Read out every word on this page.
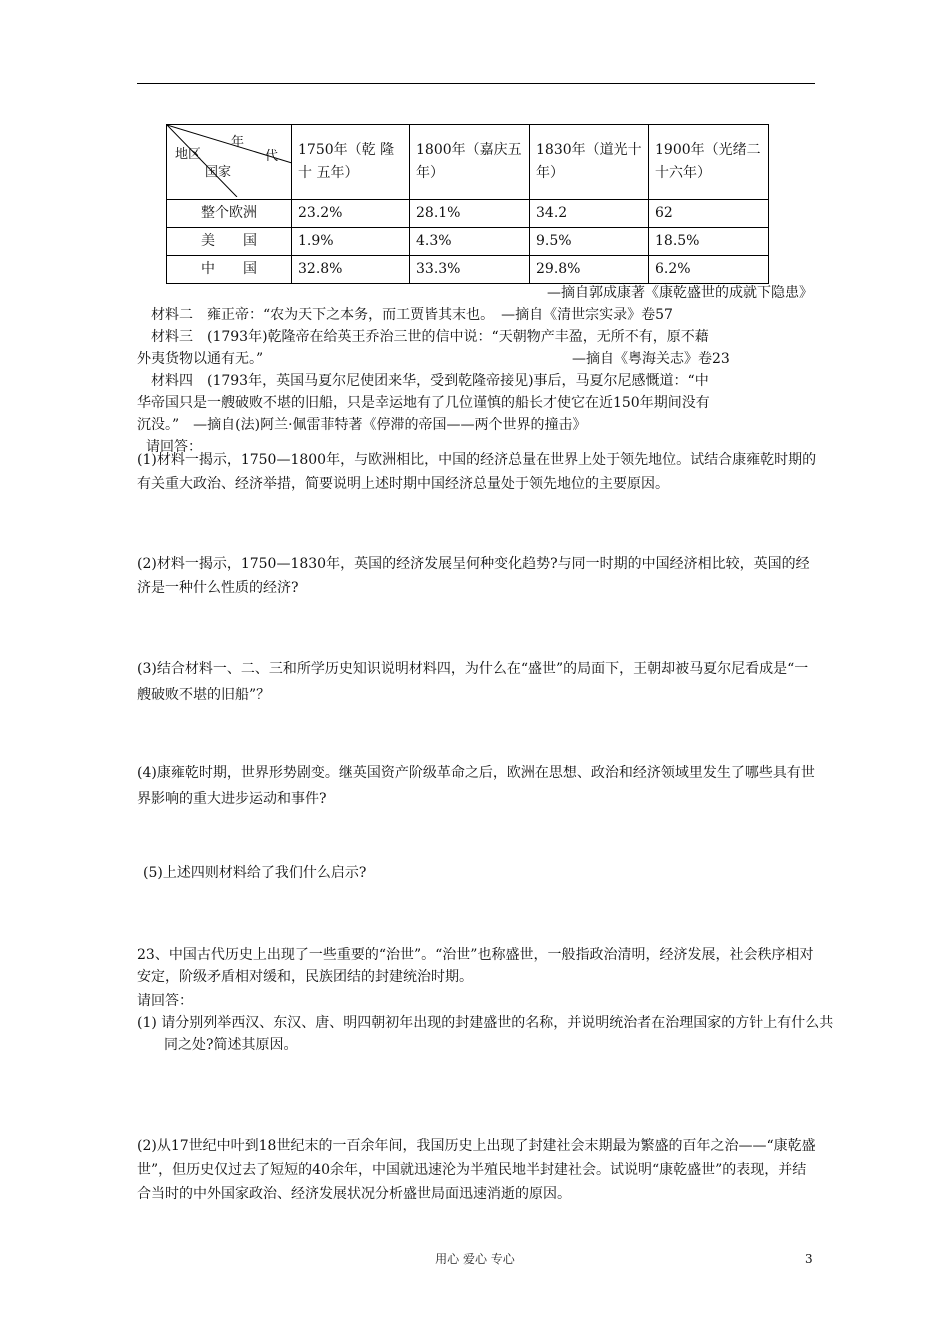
年
代
地区
国家	1750年（乾 隆 十 五年）	1800年（嘉庆五年）	1830年（道光十年）	1900年（光绪二十六年）
整个欧洲	23.2%	28.1%	34.2	62
美　　国	1.9%	4.3%	9.5%	18.5%
中　　国	32.8%	33.3%	29.8%	6.2%
—摘自郭成康著《康乾盛世的成就下隐患》
材料二　雍正帝：“农为天下之本务，而工贾皆其末也。　—摘自《清世宗实录》卷57
材料三　(1793年)乾隆帝在给英王乔治三世的信中说：“天朝物产丰盈，无所不有，原不藉
外夷货物以通有无。”	—摘自《粤海关志》卷23
材料四　(1793年，英国马夏尔尼使团来华，受到乾隆帝接见)事后，马夏尔尼感慨道：“中
华帝国只是一艘破败不堪的旧船，只是幸运地有了几位谨慎的船长才使它在近150年期间没有
沉没。”　—摘自(法)阿兰·佩雷菲特著《停滞的帝国——两个世界的撞击》
请回答：
(1)材料一揭示，1750—1800年，与欧洲相比，中国的经济总量在世界上处于领先地位。试结合康雍乾时期的有关重大政治、经济举措，简要说明上述时期中国经济总量处于领先地位的主要原因。
(2)材料一揭示，1750—1830年，英国的经济发展呈何种变化趋势?与同一时期的中国经济相比较，英国的经济是一种什么性质的经济?
(3)结合材料一、二、三和所学历史知识说明材料四，为什么在“盛世”的局面下，王朝却被马夏尔尼看成是“一艘破败不堪的旧船”？
(4)康雍乾时期，世界形势剧变。继英国资产阶级革命之后，欧洲在思想、政治和经济领域里发生了哪些具有世界影响的重大进步运动和事件?
(5)上述四则材料给了我们什么启示?
23、中国古代历史上出现了一些重要的“治世”。“治世”也称盛世，一般指政治清明，经济发展，社会秩序相对安定，阶级矛盾相对缓和，民族团结的封建统治时期。
请回答：
(1) 请分别列举西汉、东汉、唐、明四朝初年出现的封建盛世的名称，并说明统治者在治理国家的方针上有什么共同之处?简述其原因。
(2)从17世纪中叶到18世纪末的一百余年间，我国历史上出现了封建社会末期最为繁盛的百年之治——“康乾盛世”，但历史仅过去了短短的40余年，中国就迅速沦为半殖民地半封建社会。试说明“康乾盛世”的表现，并结合当时的中外国家政治、经济发展状况分析盛世局面迅速消逝的原因。
用心 爱心 专心	3
